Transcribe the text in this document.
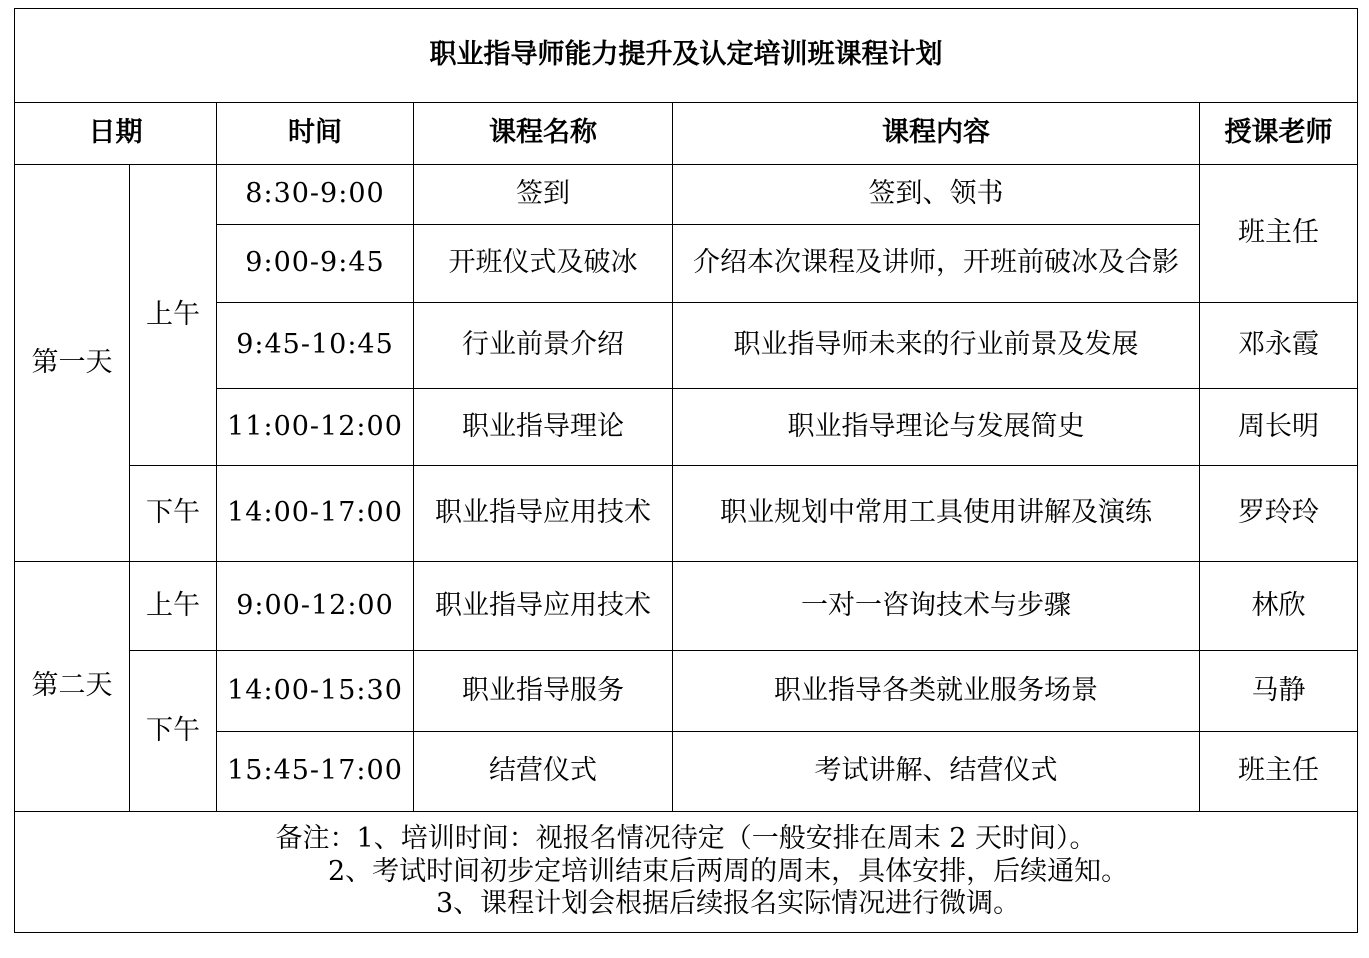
职业指导师能力提升及认定培训班课程计划					
日期		时间	课程名称	课程内容	授课老师
第一天	上午	8:30-9:00	签到	签到、领书	班主任
		9:00-9:45	开班仪式及破冰	介绍本次课程及讲师，开班前破冰及合影	
		9:45-10:45	行业前景介绍	职业指导师未来的行业前景及发展	邓永霞
		11:00-12:00	职业指导理论	职业指导理论与发展简史	周长明
	下午	14:00-17:00	职业指导应用技术	职业规划中常用工具使用讲解及演练	罗玲玲
第二天	上午	9:00-12:00	职业指导应用技术	一对一咨询技术与步骤	林欣
	下午	14:00-15:30	职业指导服务	职业指导各类就业服务场景	马静
		15:45-17:00	结营仪式	考试讲解、结营仪式	班主任

备注：1、培训时间：视报名情况待定（一般安排在周末 2 天时间）。
2、考试时间初步定培训结束后两周的周末，具体安排，后续通知。
3、课程计划会根据后续报名实际情况进行微调。					
